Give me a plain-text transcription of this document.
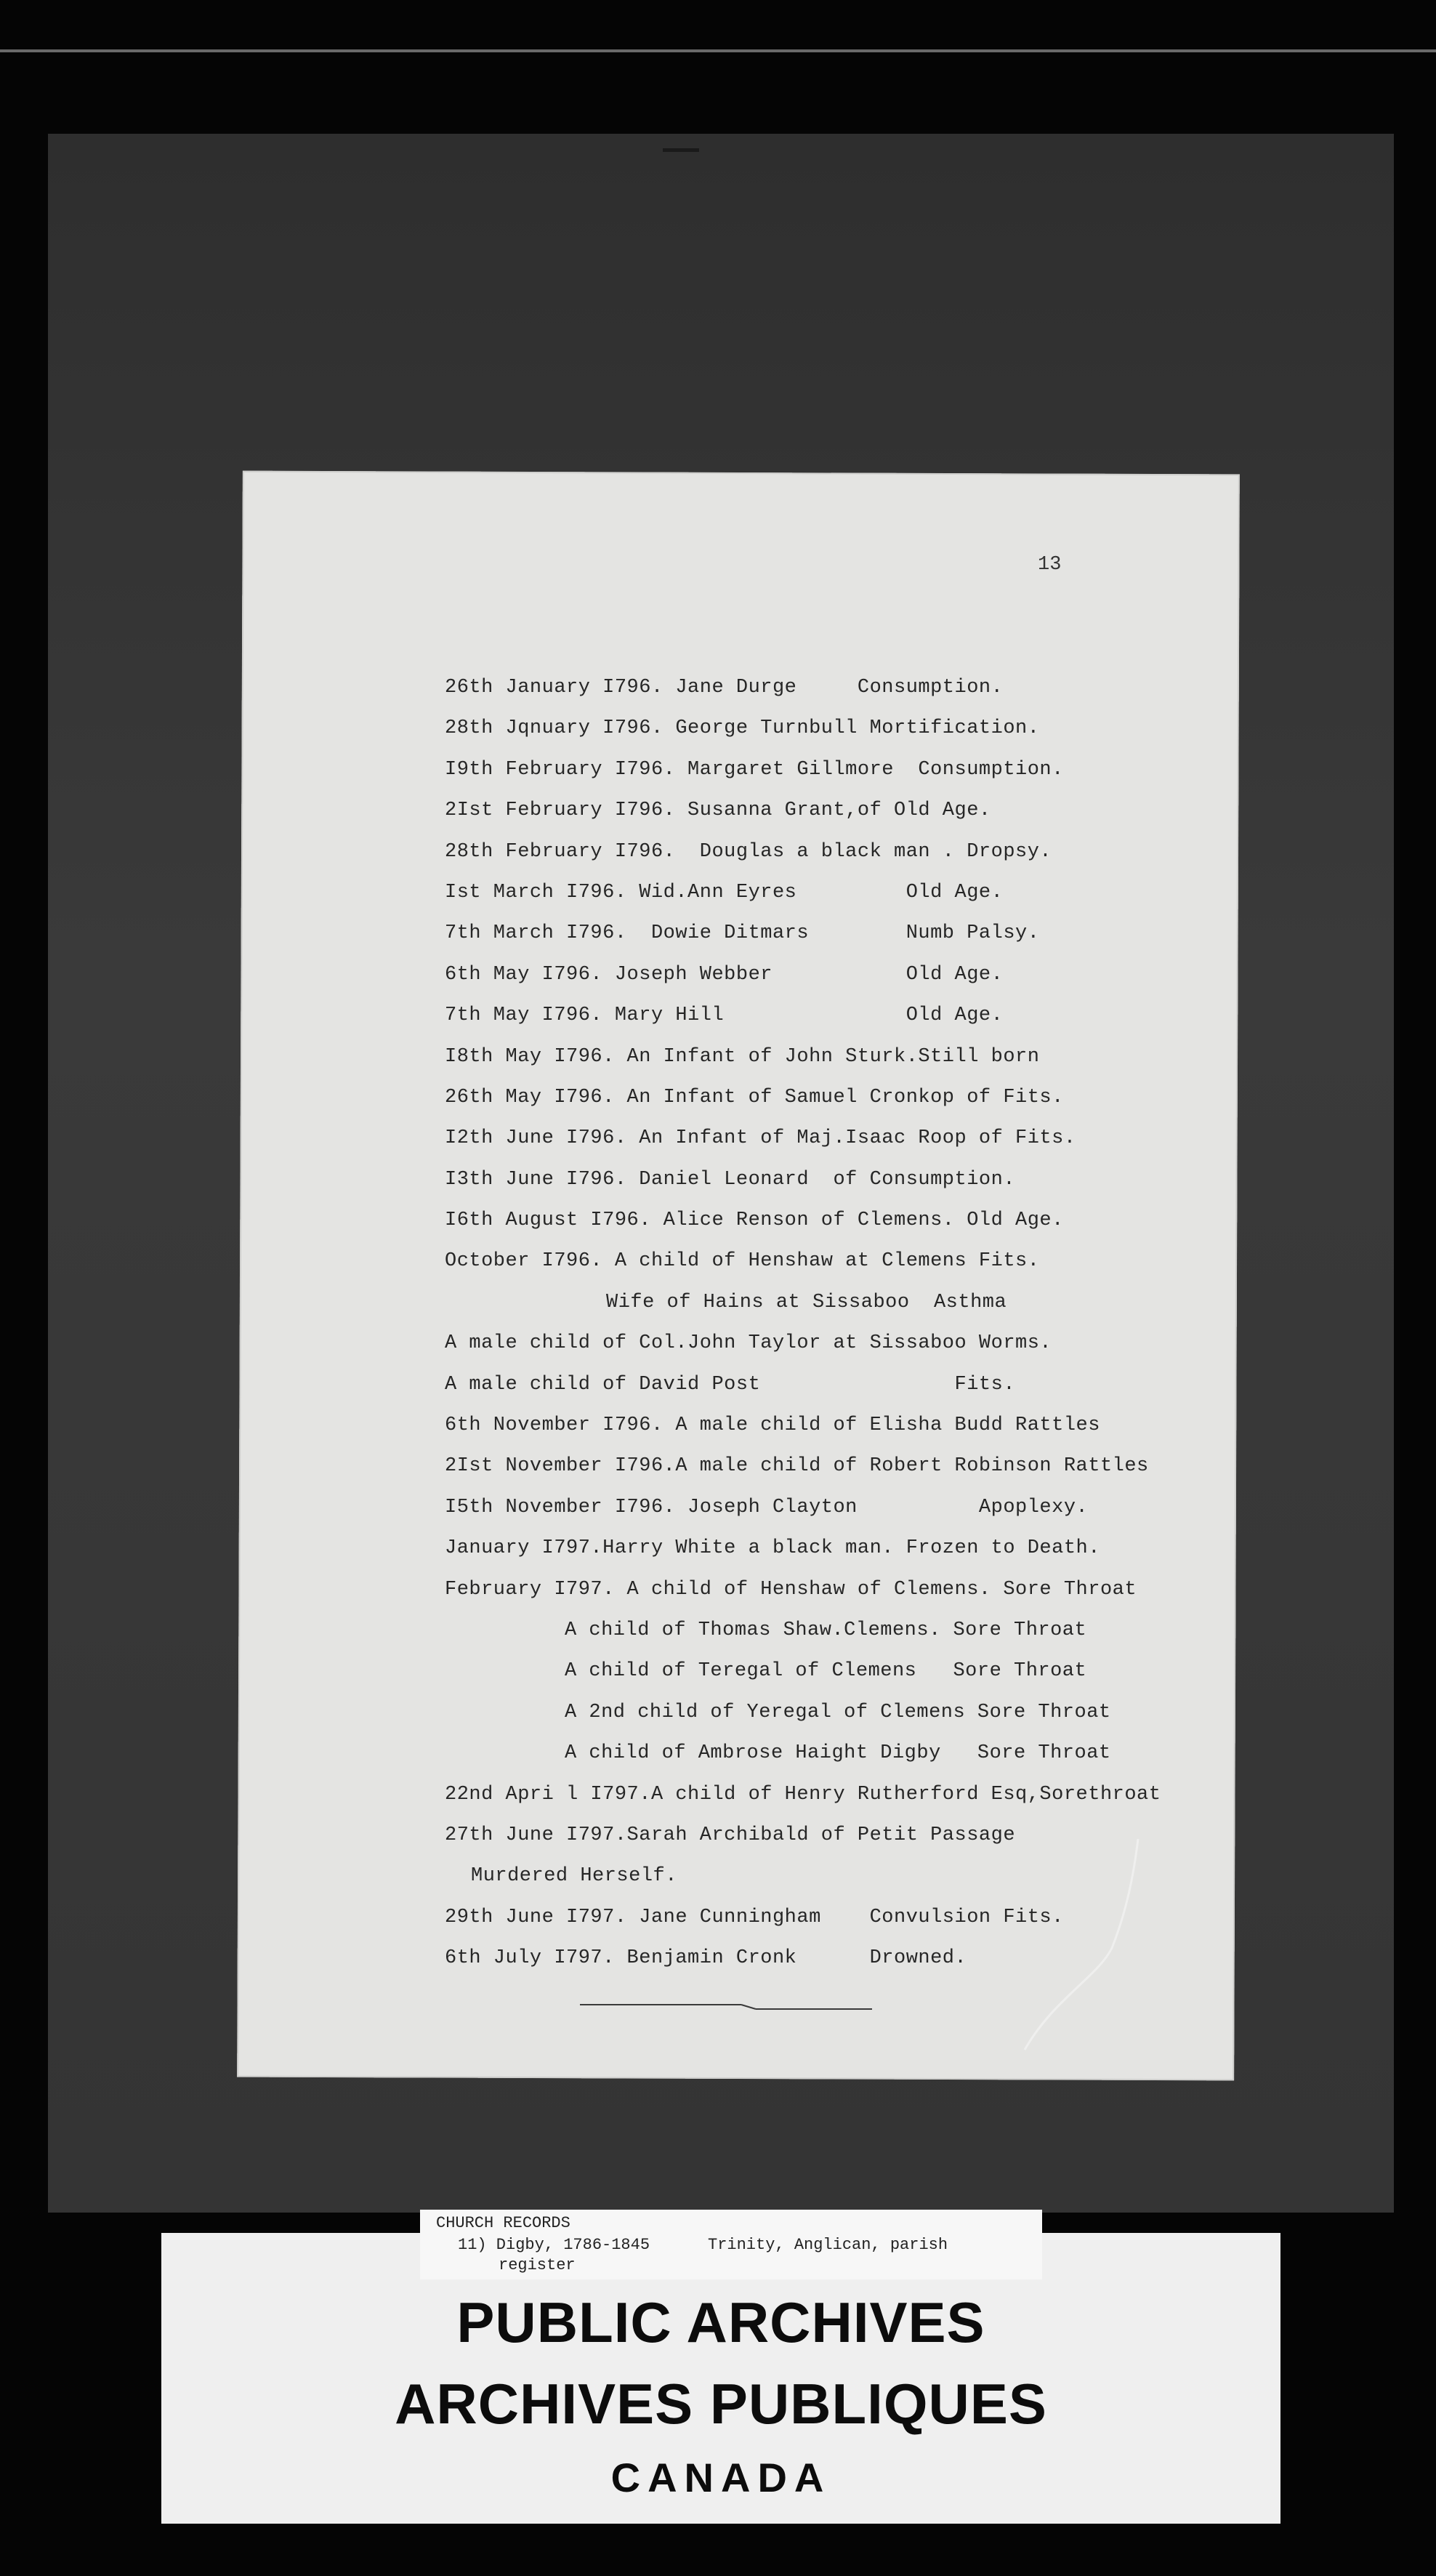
13
26th January I796. Jane Durge     Consumption.
28th Jqnuary I796. George Turnbull Mortification.
I9th February I796. Margaret Gillmore  Consumption.
2Ist February I796. Susanna Grant,of Old Age.
28th February I796.  Douglas a black man . Dropsy.
Ist March I796. Wid.Ann Eyres         Old Age.
7th March I796.  Dowie Ditmars        Numb Palsy.
6th May I796. Joseph Webber           Old Age.
7th May I796. Mary Hill               Old Age.
I8th May I796. An Infant of John Sturk.Still born
26th May I796. An Infant of Samuel Cronkop of Fits.
I2th June I796. An Infant of Maj.Isaac Roop of Fits.
I3th June I796. Daniel Leonard  of Consumption.
I6th August I796. Alice Renson of Clemens. Old Age.
October I796. A child of Henshaw at Clemens Fits.
Wife of Hains at Sissaboo  Asthma
A male child of Col.John Taylor at Sissaboo Worms.
A male child of David Post                Fits.
6th November I796. A male child of Elisha Budd Rattles
2Ist November I796.A male child of Robert Robinson Rattles
I5th November I796. Joseph Clayton          Apoplexy.
January I797.Harry White a black man. Frozen to Death.
February I797. A child of Henshaw of Clemens. Sore Throat
A child of Thomas Shaw.Clemens. Sore Throat
A child of Teregal of Clemens   Sore Throat
A 2nd child of Yeregal of Clemens Sore Throat
A child of Ambrose Haight Digby   Sore Throat
22nd Apri l I797.A child of Henry Rutherford Esq,Sorethroat
27th June I797.Sarah Archibald of Petit Passage
Murdered Herself.
29th June I797. Jane Cunningham    Convulsion Fits.
6th July I797. Benjamin Cronk      Drowned.
CHURCH RECORDS
11) Digby, 1786-1845	Trinity, Anglican, parish
register
PUBLIC ARCHIVES
ARCHIVES PUBLIQUES
CANADA
